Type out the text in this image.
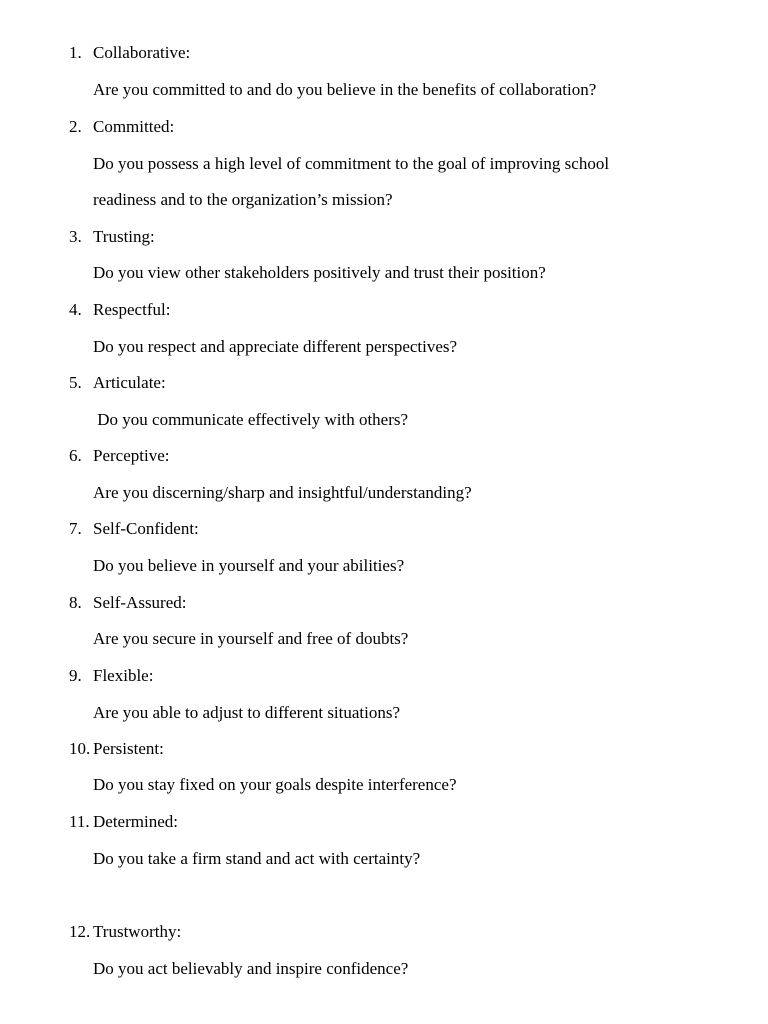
1. Collaborative:
Are you committed to and do you believe in the benefits of collaboration?
2. Committed:
Do you possess a high level of commitment to the goal of improving school
readiness and to the organization’s mission?
3. Trusting:
Do you view other stakeholders positively and trust their position?
4. Respectful:
Do you respect and appreciate different perspectives?
5. Articulate:
Do you communicate effectively with others?
6. Perceptive:
Are you discerning/sharp and insightful/understanding?
7. Self-Confident:
Do you believe in yourself and your abilities?
8. Self-Assured:
Are you secure in yourself and free of doubts?
9. Flexible:
Are you able to adjust to different situations?
10. Persistent:
Do you stay fixed on your goals despite interference?
11. Determined:
Do you take a firm stand and act with certainty?
12. Trustworthy:
Do you act believably and inspire confidence?
